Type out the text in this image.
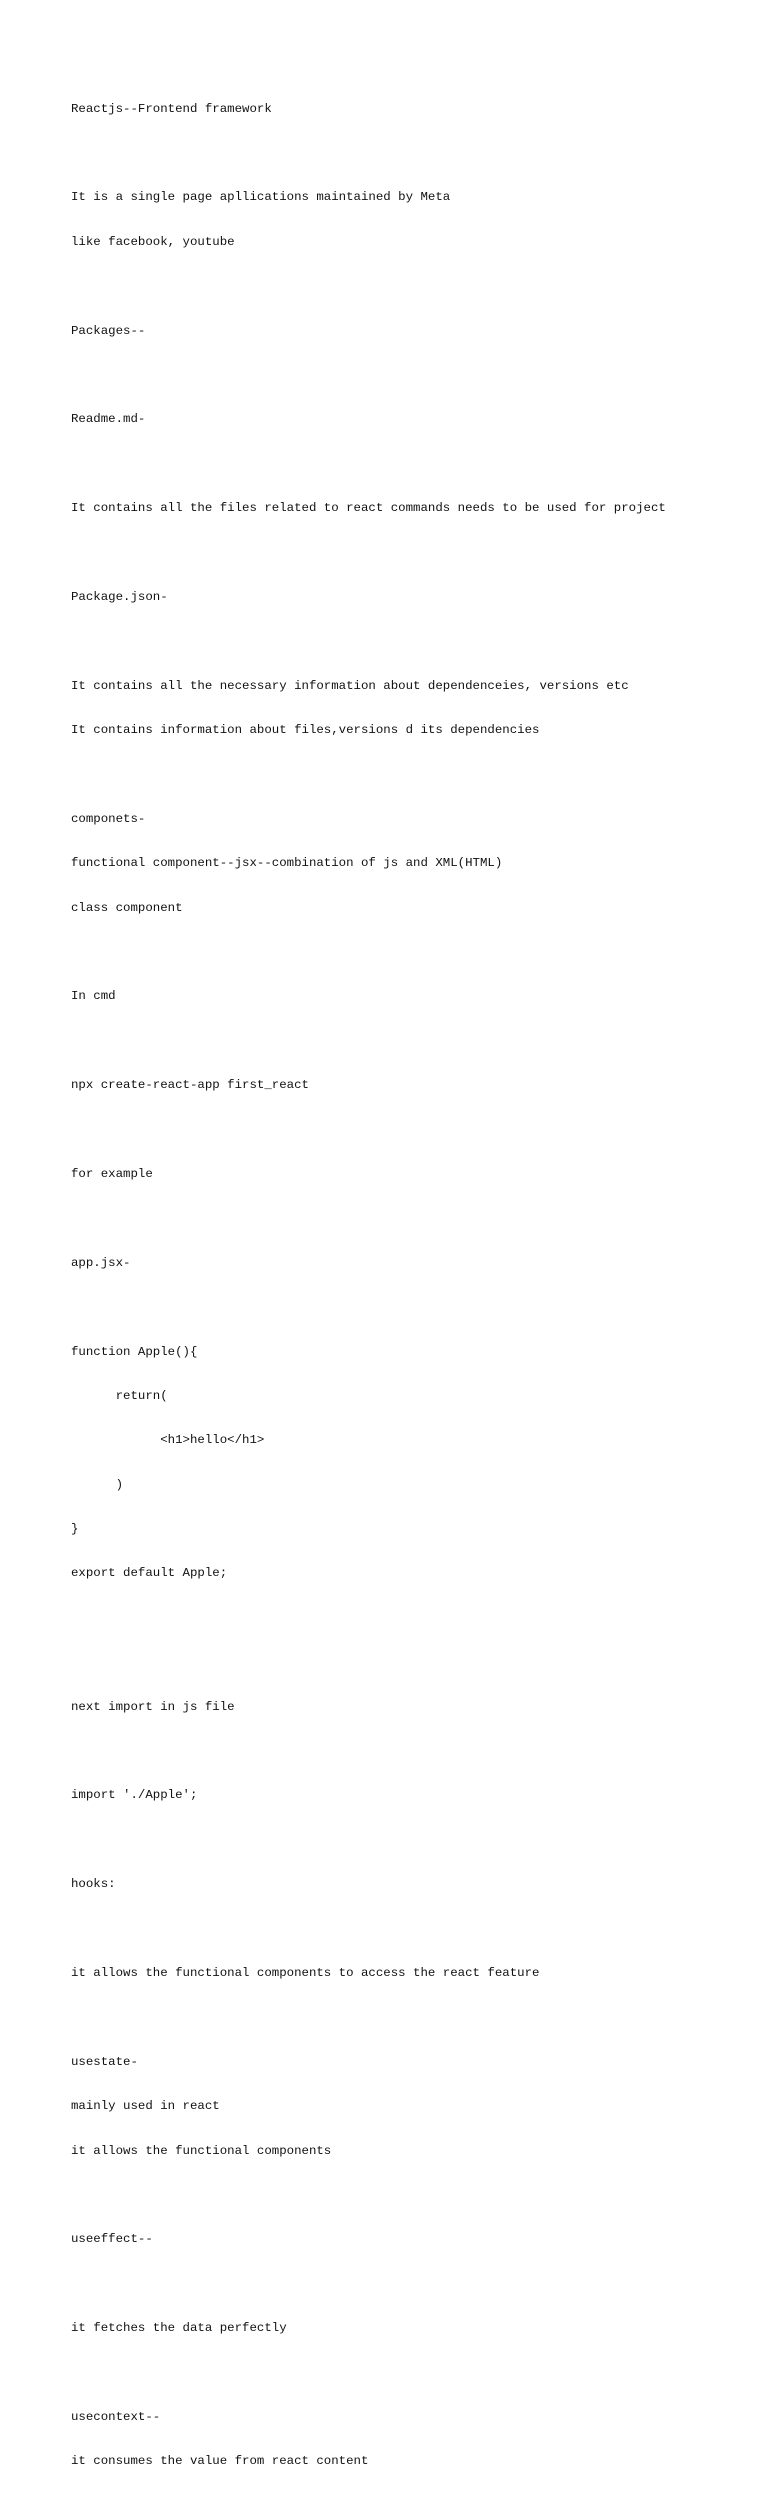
Reactjs--Frontend framework

It is a single page apllications maintained by Meta

like facebook, youtube

Packages--

Readme.md-

It contains all the files related to react commands needs to be used for project

Package.json-

It contains all the necessary information about dependenceies, versions etc

It contains information about files,versions d its dependencies

componets-

functional component--jsx--combination of js and XML(HTML)

class component

In cmd

npx create-react-app first_react

for example

app.jsx-

function Apple(){

return(

<h1>hello</h1>

)

}

export default Apple;

next import in js file

import './Apple';

hooks:

it allows the functional components to access the react feature

usestate-

mainly used in react

it allows the functional components

useeffect--

it fetches the data perfectly

usecontext--

it consumes the value from react content
